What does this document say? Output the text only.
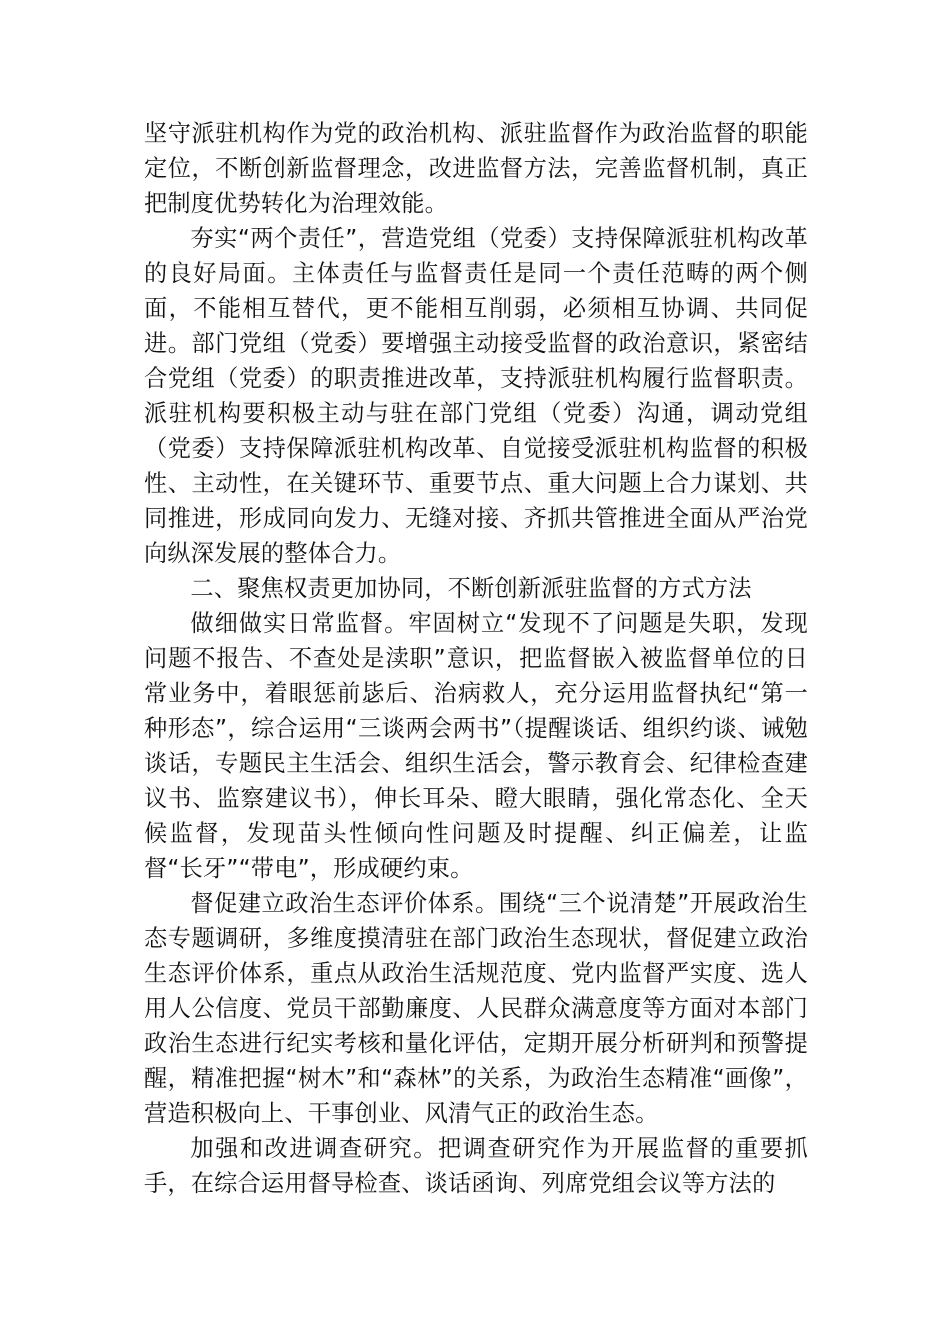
坚守派驻机构作为党的政治机构、派驻监督作为政治监督的职能定位，不断创新监督理念，改进监督方法，完善监督机制，真正把制度优势转化为治理效能。

夯实“两个责任”，营造党组（党委）支持保障派驻机构改革的良好局面。主体责任与监督责任是同一个责任范畴的两个侧面，不能相互替代，更不能相互削弱，必须相互协调、共同促进。部门党组（党委）要增强主动接受监督的政治意识，紧密结合党组（党委）的职责推进改革，支持派驻机构履行监督职责。派驻机构要积极主动与驻在部门党组（党委）沟通，调动党组（党委）支持保障派驻机构改革、自觉接受派驻机构监督的积极性、主动性，在关键环节、重要节点、重大问题上合力谋划、共同推进，形成同向发力、无缝对接、齐抓共管推进全面从严治党向纵深发展的整体合力。

二、聚焦权责更加协同，不断创新派驻监督的方式方法

做细做实日常监督。牢固树立“发现不了问题是失职，发现问题不报告、不查处是渎职”意识，把监督嵌入被监督单位的日常业务中，着眼惩前毖后、治病救人，充分运用监督执纪“第一种形态”，综合运用“三谈两会两书”（提醒谈话、组织约谈、诫勉谈话，专题民主生活会、组织生活会，警示教育会、纪律检查建议书、监察建议书），伸长耳朵、瞪大眼睛，强化常态化、全天候监督，发现苗头性倾向性问题及时提醒、纠正偏差，让监督“长牙”“带电”，形成硬约束。

督促建立政治生态评价体系。围绕“三个说清楚”开展政治生态专题调研，多维度摸清驻在部门政治生态现状，督促建立政治生态评价体系，重点从政治生活规范度、党内监督严实度、选人用人公信度、党员干部勤廉度、人民群众满意度等方面对本部门政治生态进行纪实考核和量化评估，定期开展分析研判和预警提醒，精准把握“树木”和“森林”的关系，为政治生态精准“画像”，营造积极向上、干事创业、风清气正的政治生态。

加强和改进调查研究。把调查研究作为开展监督的重要抓手，在综合运用督导检查、谈话函询、列席党组会议等方法的
